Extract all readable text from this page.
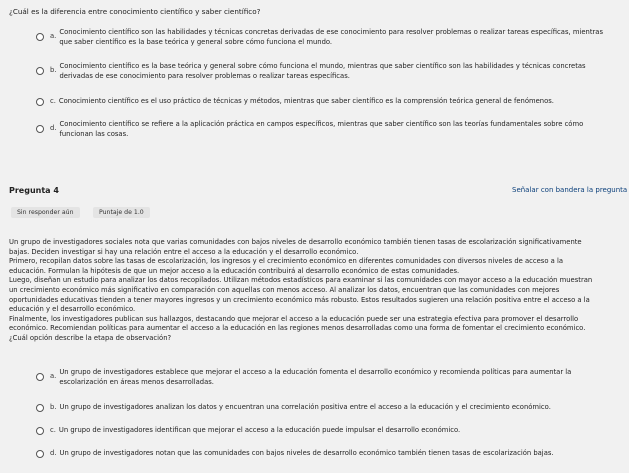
¿Cuál es la diferencia entre conocimiento científico y saber científico?
a. Conocimiento científico son las habilidades y técnicas concretas derivadas de ese conocimiento para resolver problemas o realizar tareas específicas, mientras
que saber científico es la base teórica y general sobre cómo funciona el mundo.
b. Conocimiento científico es la base teórica y general sobre cómo funciona el mundo, mientras que saber científico son las habilidades y técnicas concretas
derivadas de ese conocimiento para resolver problemas o realizar tareas específicas.
c. Conocimiento científico es el uso práctico de técnicas y métodos, mientras que saber científico es la comprensión teórica general de fenómenos.
d. Conocimiento científico se refiere a la aplicación práctica en campos específicos, mientras que saber científico son las teorías fundamentales sobre cómo
funcionan las cosas.
Pregunta 4	Señalar con bandera la pregunta
Sin responder aún	Puntaje de 1.0
Un grupo de investigadores sociales nota que varias comunidades con bajos niveles de desarrollo económico también tienen tasas de escolarización significativamente
bajas. Deciden investigar si hay una relación entre el acceso a la educación y el desarrollo económico.
Primero, recopilan datos sobre las tasas de escolarización, los ingresos y el crecimiento económico en diferentes comunidades con diversos niveles de acceso a la
educación. Formulan la hipótesis de que un mejor acceso a la educación contribuirá al desarrollo económico de estas comunidades.
Luego, diseñan un estudio para analizar los datos recopilados. Utilizan métodos estadísticos para examinar si las comunidades con mayor acceso a la educación muestran
un crecimiento económico más significativo en comparación con aquellas con menos acceso. Al analizar los datos, encuentran que las comunidades con mejores
oportunidades educativas tienden a tener mayores ingresos y un crecimiento económico más robusto. Estos resultados sugieren una relación positiva entre el acceso a la
educación y el desarrollo económico.
Finalmente, los investigadores publican sus hallazgos, destacando que mejorar el acceso a la educación puede ser una estrategia efectiva para promover el desarrollo
económico. Recomiendan políticas para aumentar el acceso a la educación en las regiones menos desarrolladas como una forma de fomentar el crecimiento económico.
¿Cuál opción describe la etapa de observación?
a. Un grupo de investigadores establece que mejorar el acceso a la educación fomenta el desarrollo económico y recomienda políticas para aumentar la
escolarización en áreas menos desarrolladas.
b. Un grupo de investigadores analizan los datos y encuentran una correlación positiva entre el acceso a la educación y el crecimiento económico.
c. Un grupo de investigadores identifican que mejorar el acceso a la educación puede impulsar el desarrollo económico.
d. Un grupo de investigadores notan que las comunidades con bajos niveles de desarrollo económico también tienen tasas de escolarización bajas.
